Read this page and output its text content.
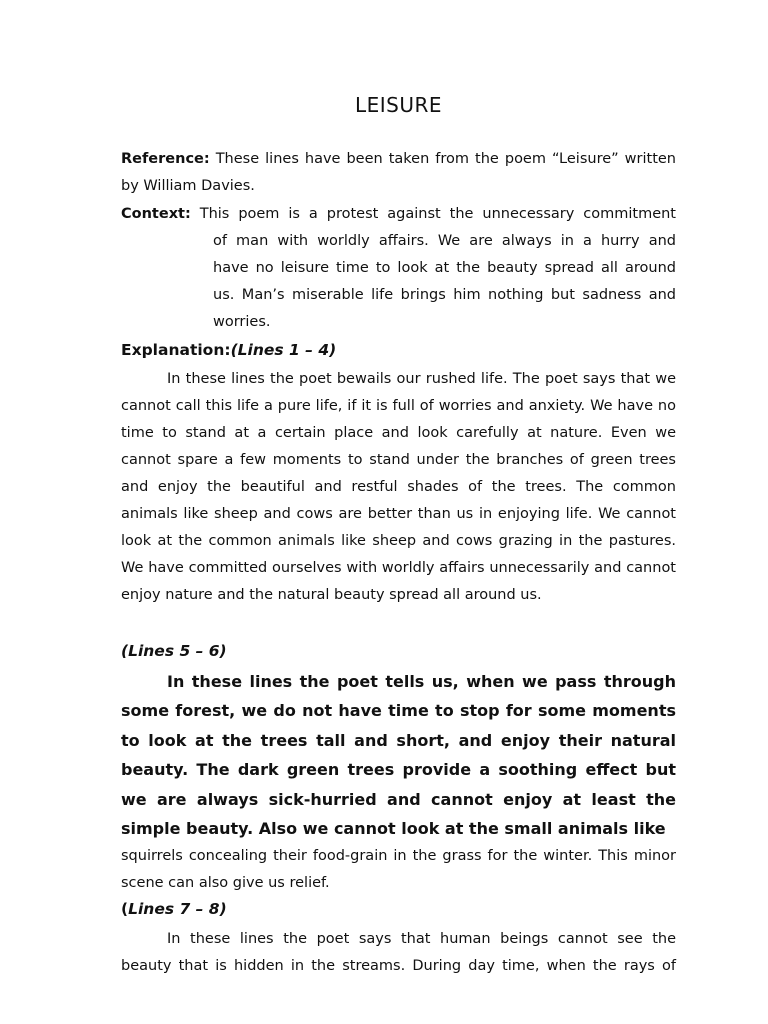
LEISURE
Reference: These lines have been taken from the poem “Leisure” written by William Davies.
Context: This poem is a protest against the unnecessary commitment
of man with worldly affairs. We are always in a hurry and
have no leisure time to look at the beauty spread all around
us. Man’s miserable life brings him nothing but sadness and
worries.
Explanation:(Lines 1 – 4)
In these lines the poet bewails our rushed life. The poet says that we cannot call this life a pure life, if it is full of worries and anxiety. We have no time to stand at a certain place and look carefully at nature. Even we cannot spare a few moments to stand under the branches of green trees and enjoy the beautiful and restful shades of the trees. The common animals like sheep and cows are better than us in enjoying life. We cannot look at the common animals like sheep and cows grazing in the pastures. We have committed ourselves with worldly affairs unnecessarily and cannot enjoy nature and the natural beauty spread all around us.
(Lines 5 – 6)
In these lines the poet tells us, when we pass through some forest, we do not have time to stop for some moments to look at the trees tall and short, and enjoy their natural beauty. The dark green trees provide a soothing effect but we are always sick-hurried and cannot enjoy at least the simple beauty. Also we cannot look at the small animals like
squirrels concealing their food-grain in the grass for the winter. This minor scene can also give us relief.
(Lines 7 – 8)
In these lines the poet says that human beings cannot see the beauty that is hidden in the streams. During day time, when the rays of
